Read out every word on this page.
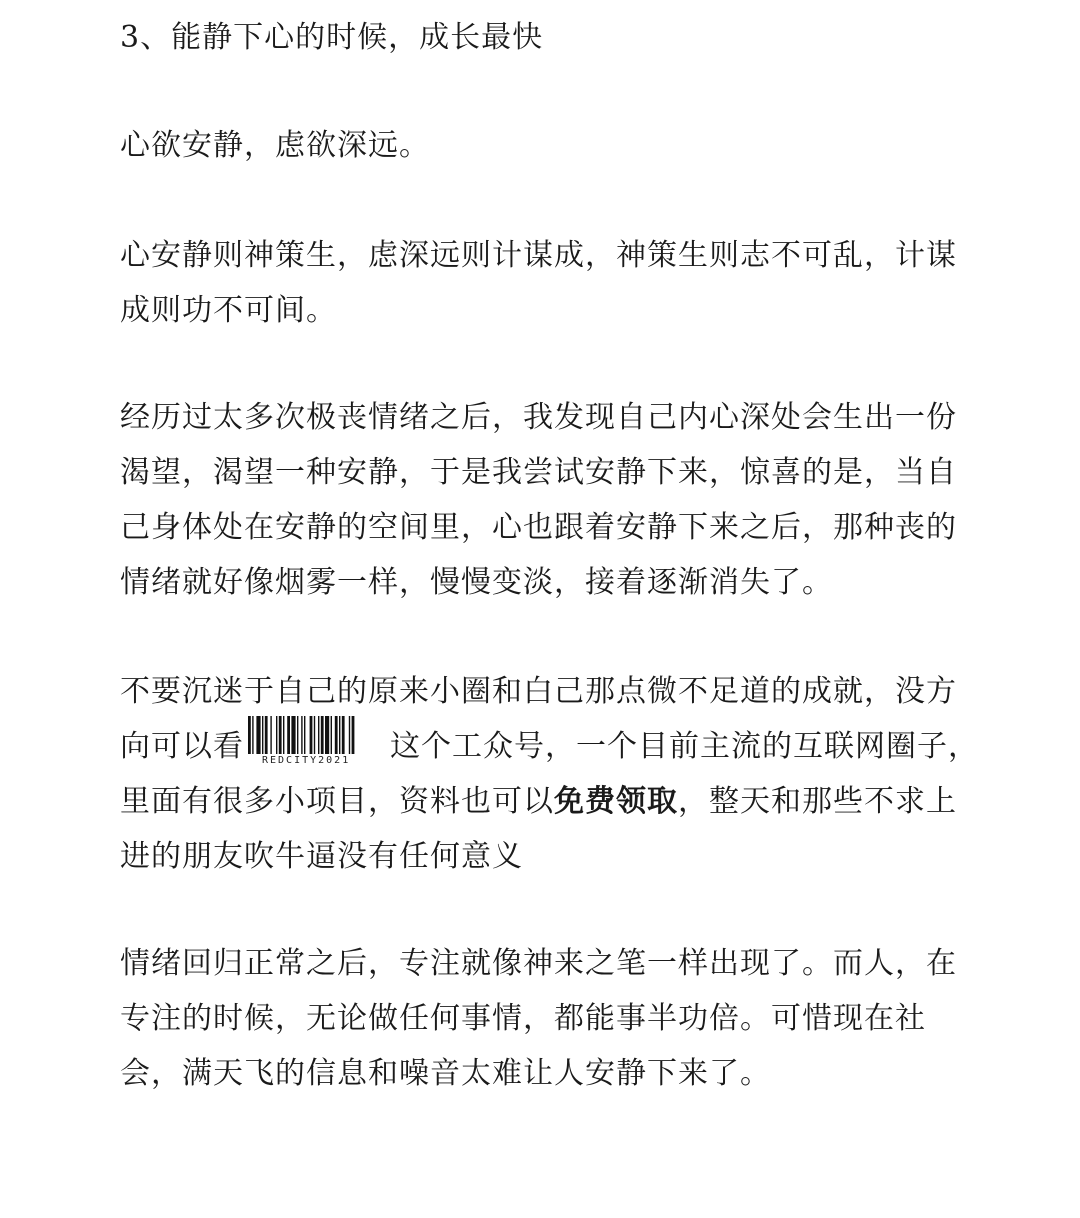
3、能静下心的时候，成长最快

心欲安静，虑欲深远。

心安静则神策生，虑深远则计谋成，神策生则志不可乱，计谋
成则功不可间。

经历过太多次极丧情绪之后，我发现自己内心深处会生出一份
渴望，渴望一种安静，于是我尝试安静下来，惊喜的是，当自
己身体处在安静的空间里，心也跟着安静下来之后，那种丧的
情绪就好像烟雾一样，慢慢变淡，接着逐渐消失了。

不要沉迷于自己的原来小圈和白己那点微不足道的成就，没方
向可以看 REDCITY2021 这个工众号，一个目前主流的互联网圈子，
里面有很多小项目，资料也可以免费领取，整天和那些不求上
进的朋友吹牛逼没有任何意义

情绪回归正常之后，专注就像神来之笔一样出现了。而人，在
专注的时候，无论做任何事情，都能事半功倍。可惜现在社
会，满天飞的信息和噪音太难让人安静下来了。
